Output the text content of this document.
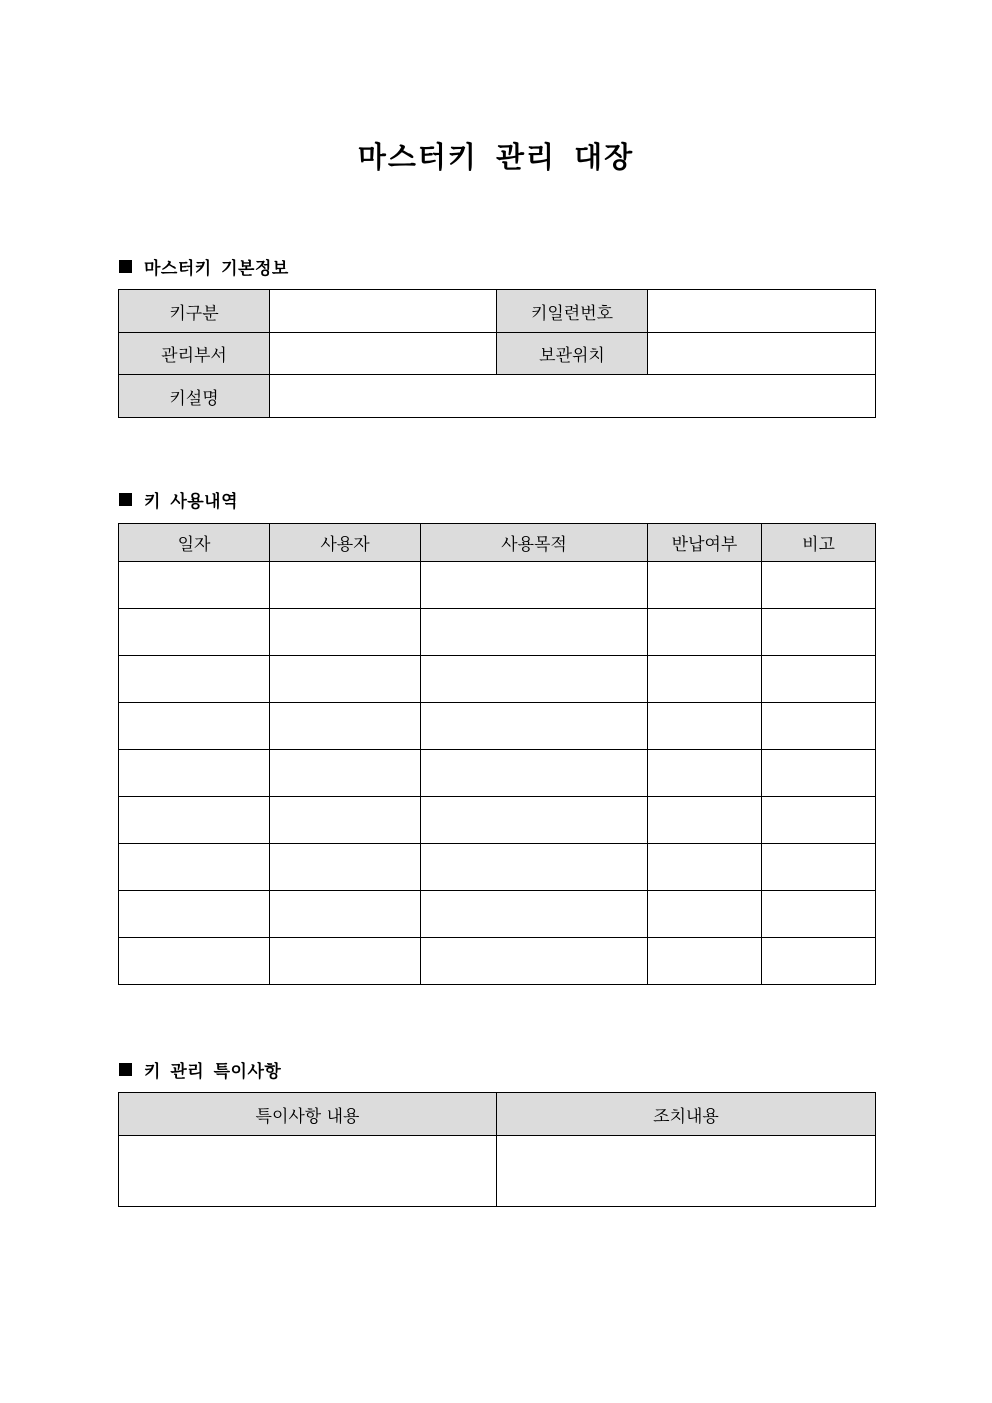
마스터키 관리 대장
마스터키 기본정보
키구분		키일련번호	
관리부서		보관위치	
키설명			
키 사용내역
일자	사용자	사용목적	반납여부	비고

키 관리 특이사항
특이사항 내용	조치내용
